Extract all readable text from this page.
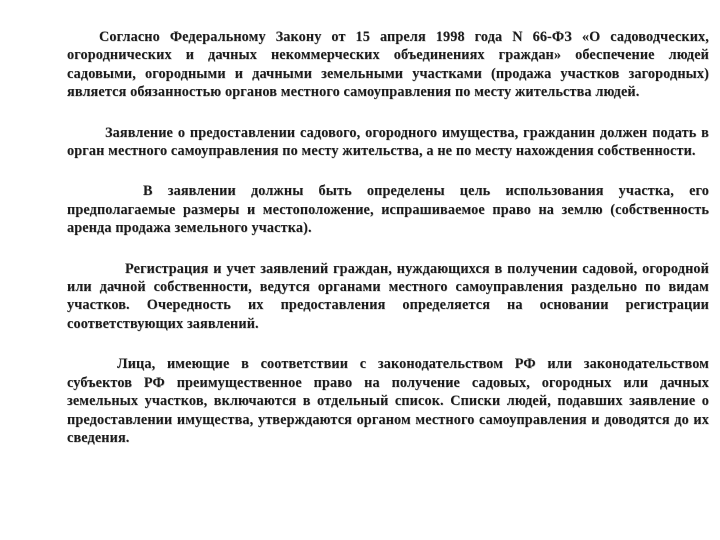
Согласно Федеральному Закону от 15 апреля 1998 года N 66-ФЗ «О садоводческих, огороднических и дачных некоммерческих объединениях граждан» обеспечение людей садовыми, огородными и дачными земельными участками (продажа участков загородных) является обязанностью органов местного самоуправления по месту жительства людей.

Заявление о предоставлении садового, огородного имущества, гражданин должен подать в орган местного самоуправления по месту жительства, а не по месту нахождения собственности.

В заявлении должны быть определены цель использования участка, его предполагаемые размеры и местоположение, испрашиваемое право на землю (собственность аренда продажа земельного участка).

Регистрация и учет заявлений граждан, нуждающихся в получении садовой, огородной или дачной собственности, ведутся органами местного самоуправления раздельно по видам участков. Очередность их предоставления определяется на основании регистрации соответствующих заявлений.

Лица, имеющие в соответствии с законодательством РФ или законодательством субъектов РФ преимущественное право на получение садовых, огородных или дачных земельных участков, включаются в отдельный список. Списки людей, подавших заявление о предоставлении имущества, утверждаются органом местного самоуправления и доводятся до их сведения.
